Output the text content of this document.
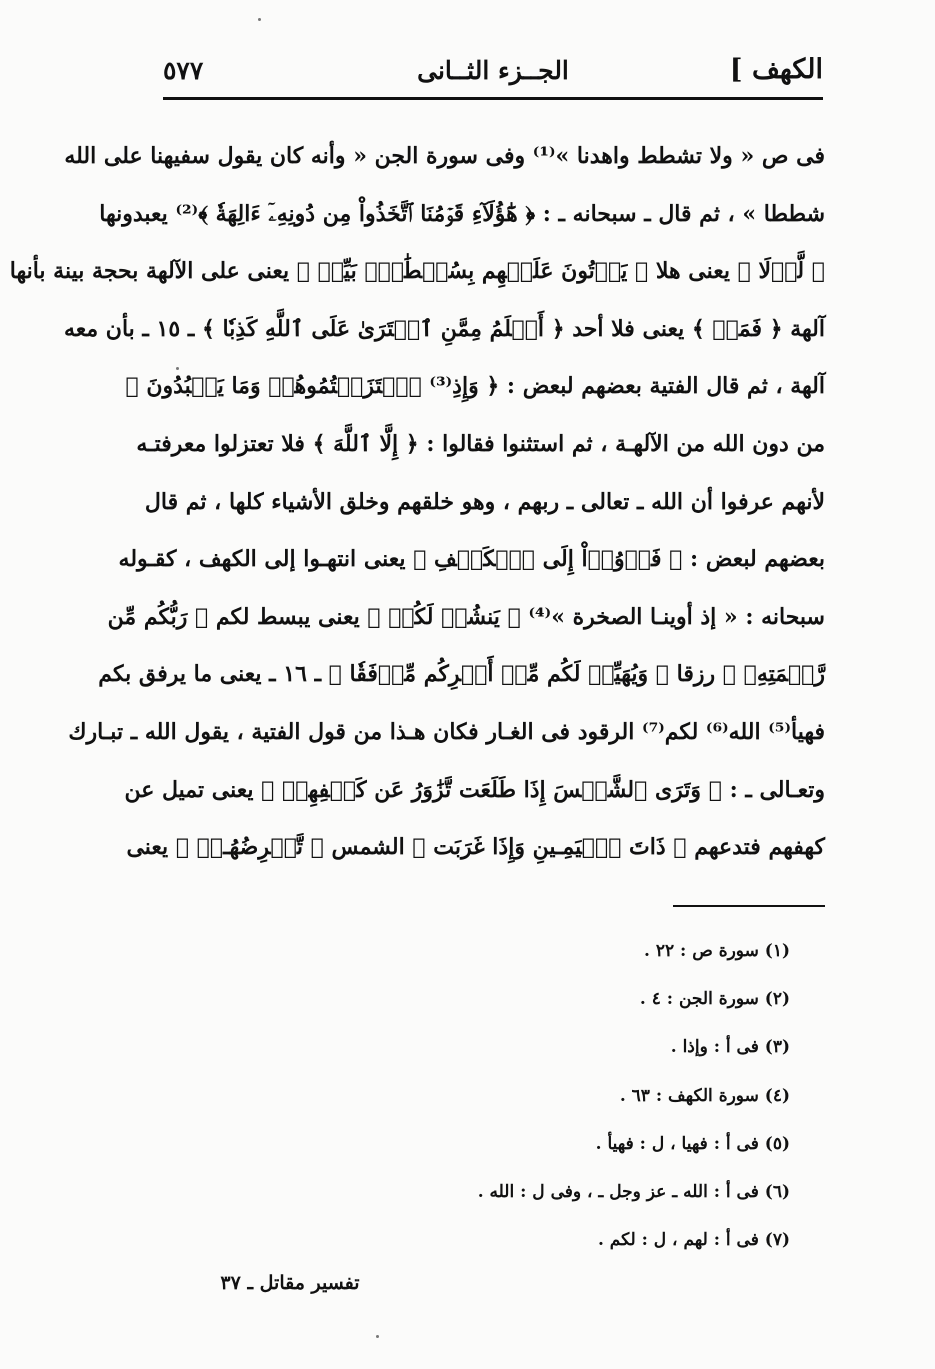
الكهف ]
الجــزء الثــانى
٥٧٧
فى ص « ولا تشطط واهدنا »⁽¹⁾ وفى سورة الجن « وأنه كان يقول سفيهنا على الله
شططا » ، ثم قال ـ سبحانه ـ : ﴿ هَٰٓؤُلَآءِ قَوۡمُنَا ٱتَّخَذُواْ مِن دُونِهِۦٓ ءَالِهَةٗ ﴾⁽²⁾ يعبدونها
﴿ لَّوۡلَا ﴾ يعنى هلا ﴿ يَأۡتُونَ عَلَيۡهِم بِسُلۡطَٰنِۢ بَيِّنٖ ﴾ يعنى على الآلهة بحجة بينة بأنها
آلهة ﴿ فَمَنۡ ﴾ يعنى فلا أحد ﴿ أَظۡلَمُ مِمَّنِ ٱفۡتَرَىٰ عَلَى ٱللَّهِ كَذِبٗا ﴾ ـ ١٥ ـ بأن معه
آلهة ، ثم قال الفتية بعضهم لبعض : ﴿ وَإِذِ⁽³⁾ ٱعۡتَزَلۡتُمُوهُمۡ وَمَا يَعۡبُدُونَ ﴾
من دون الله من الآلهـة ، ثم استثنوا فقالوا : ﴿ إِلَّا ٱللَّهَ ﴾ فلا تعتزلوا معرفتـه
لأنهم عرفوا أن الله ـ تعالى ـ ربهم ، وهو خلقهم وخلق الأشياء كلها ، ثم قال
بعضهم لبعض : ﴿ فَأۡوُۥٓاْ إِلَى ٱلۡكَهۡفِ ﴾ يعنى انتهـوا إلى الكهف ، كقـوله
سبحانه : « إذ أوينـا الصخرة »⁽⁴⁾ ﴿ يَنشُرۡ لَكُمۡ ﴾ يعنى يبسط لكم ﴿ رَبُّكُم مِّن
رَّحۡمَتِهِۦ ﴾ رزقا ﴿ وَيُهَيِّئۡ لَكُم مِّنۡ أَمۡرِكُم مِّرۡفَقٗا ﴾ ـ ١٦ ـ يعنى ما يرفق بكم
فهيأ⁽⁵⁾ الله⁽⁶⁾ لكم⁽⁷⁾ الرقود فى الغـار فكان هـذا من قول الفتية ، يقول الله ـ تبـارك
وتعـالى ـ : ﴿ وَتَرَى ٱلشَّمۡسَ إِذَا طَلَعَت تَّزَٰوَرُ عَن كَهۡفِهِمۡ ﴾ يعنى تميل عن
كهفهم فتدعهم ﴿ ذَاتَ ٱلۡيَمِـينِ وَإِذَا غَرَبَت ﴾ الشمس ﴿ تَّقۡرِضُهُـمۡ ﴾ يعنى
(١) سورة ص : ٢٢ .
(٢) سورة الجن : ٤ .
(٣) فى أ : وإذا .
(٤) سورة الكهف : ٦٣ .
(٥) فى أ : فهيا ، ل : فهيأ .
(٦) فى أ : الله ـ عز وجل ـ ، وفى ل : الله .
(٧) فى أ : لهم ، ل : لكم .
تفسير مقاتل ـ ٣٧
